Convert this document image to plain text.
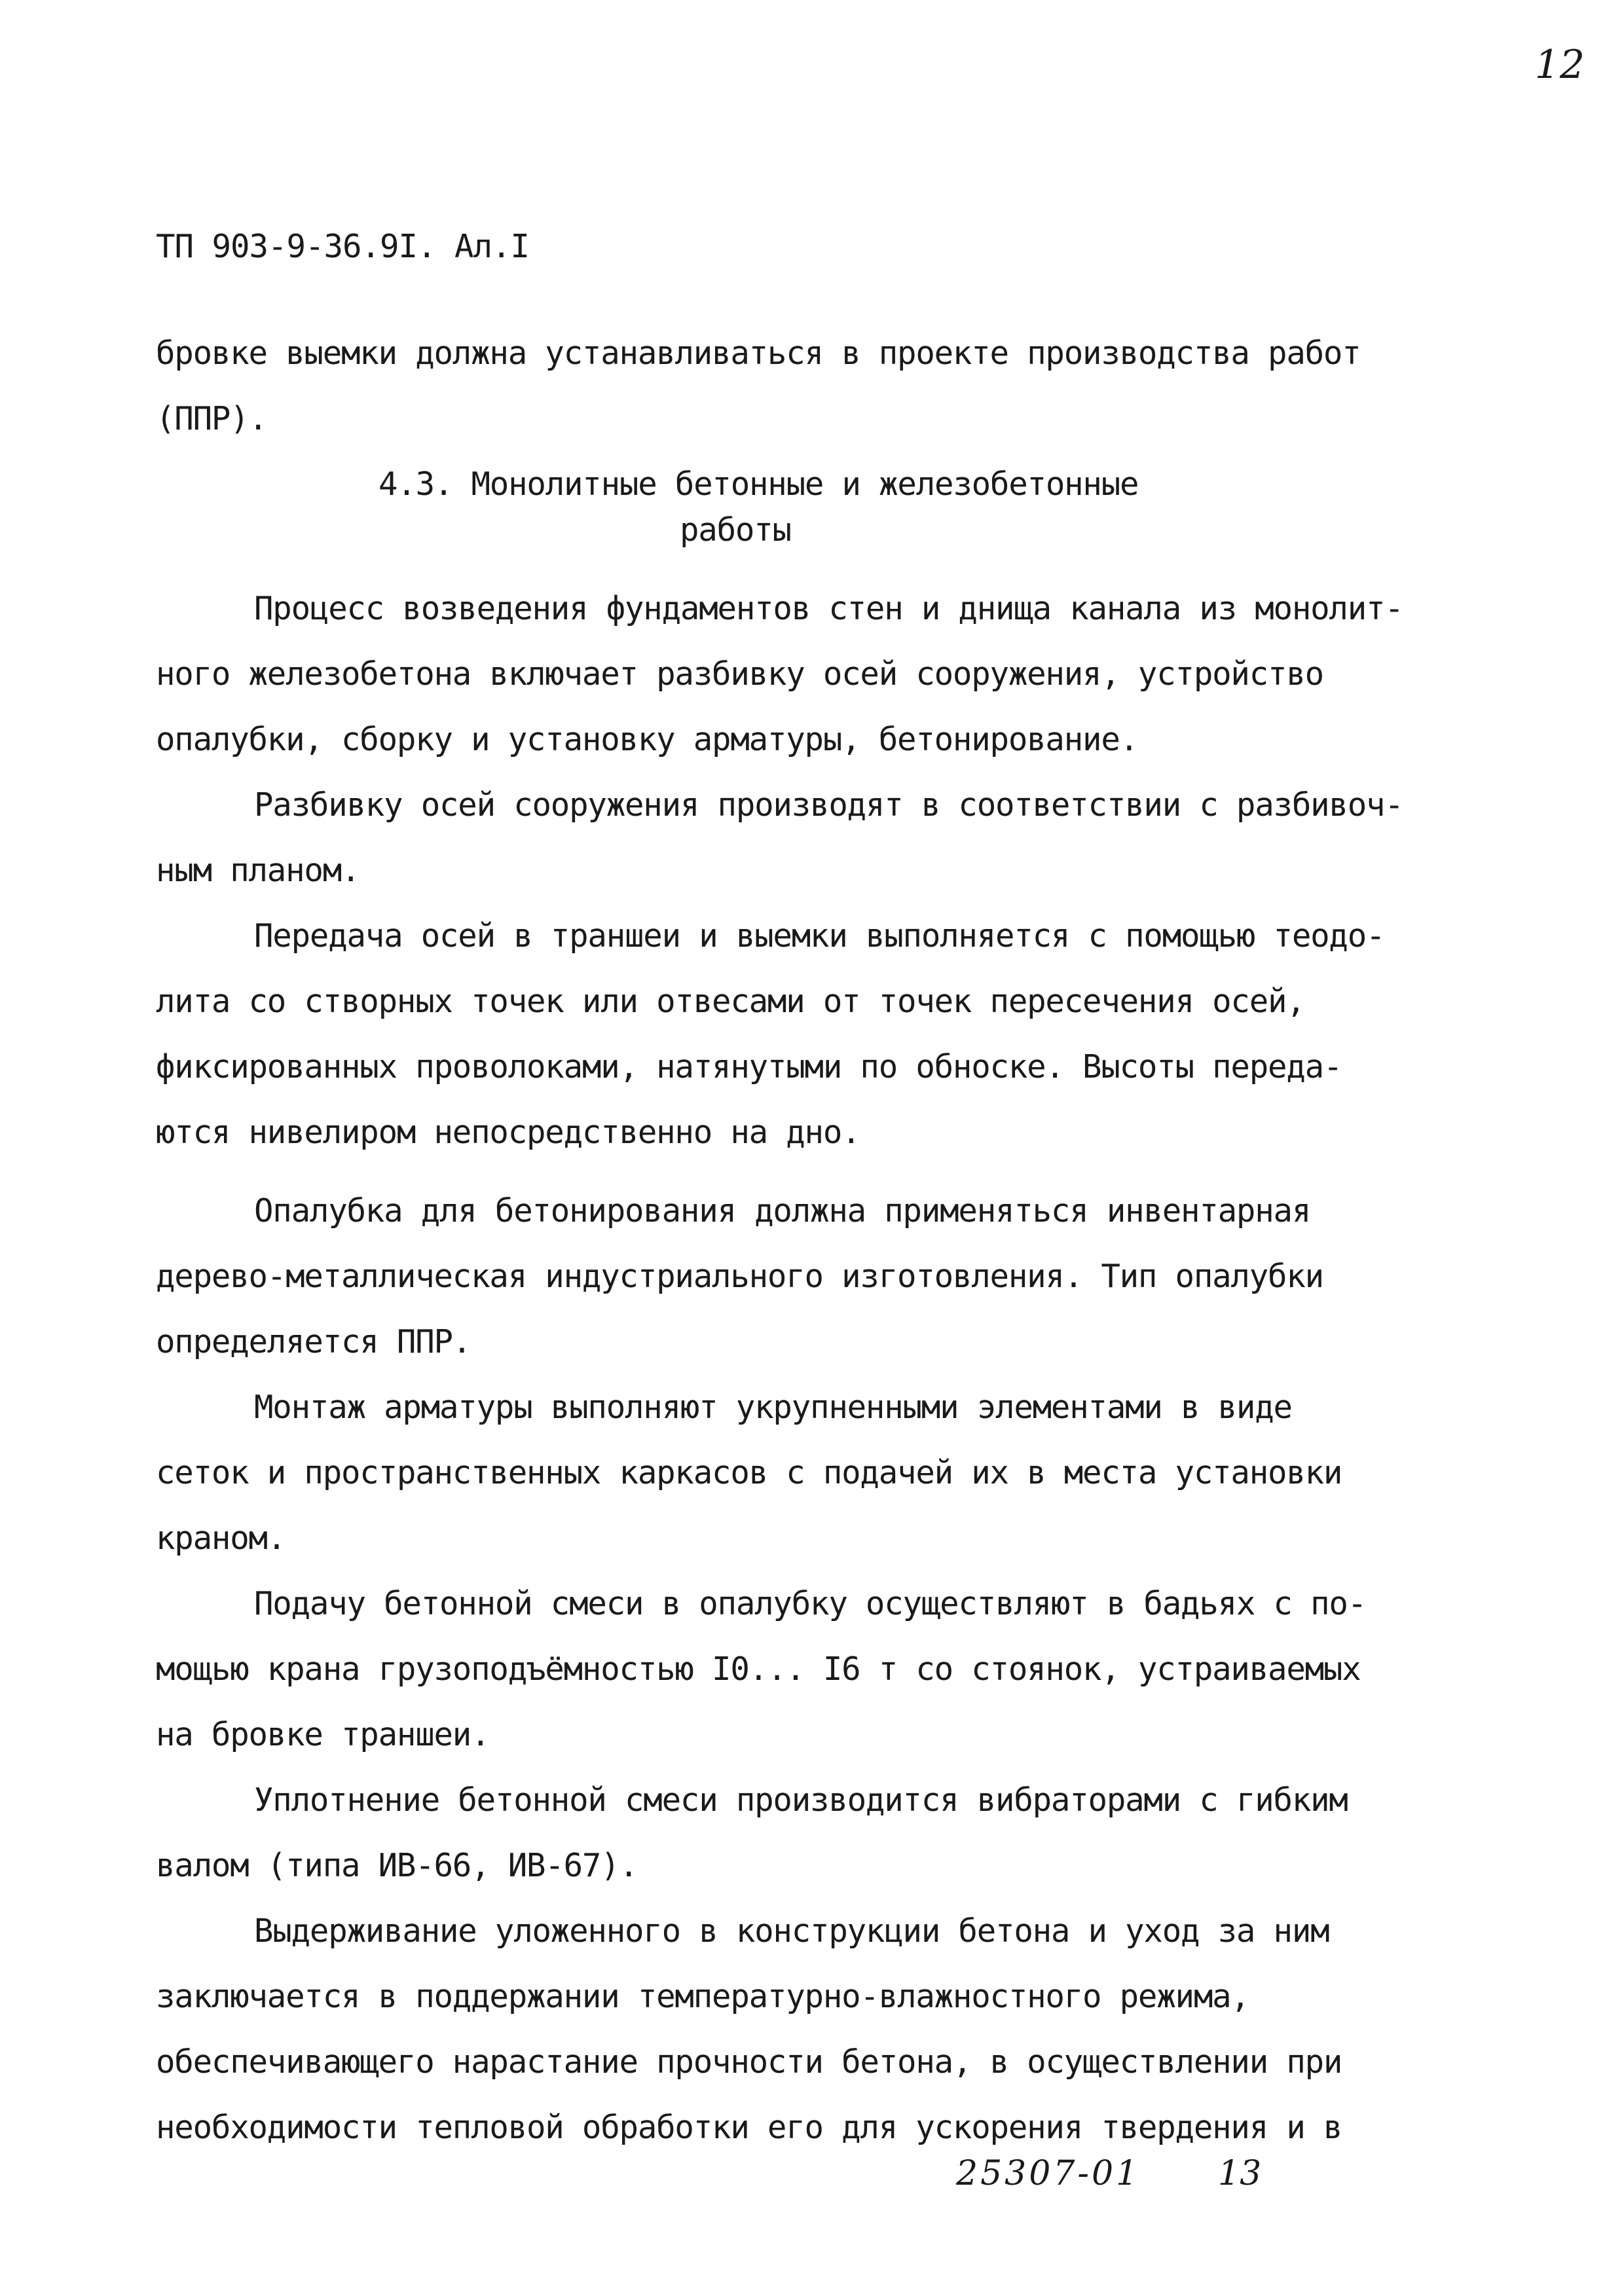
12
ТП 903-9-36.9I. Ал.I
бровке выемки должна устанавливаться в проекте производства работ
(ППР).
4.3. Монолитные бетонные и железобетонные
работы
Процесс возведения фундаментов стен и днища канала из монолит-
ного железобетона включает разбивку осей сооружения, устройство
опалубки, сборку и установку арматуры, бетонирование.
Разбивку осей сооружения производят в соответствии с разбивоч-
ным планом.
Передача осей в траншеи и выемки выполняется с помощью теодо-
лита со створных точек или отвесами от точек пересечения осей,
фиксированных проволоками, натянутыми по обноске. Высоты переда-
ются нивелиром непосредственно на дно.
Опалубка для бетонирования должна применяться инвентарная
дерево-металлическая индустриального изготовления. Тип опалубки
определяется ППР.
Монтаж арматуры выполняют укрупненными элементами в виде
сеток и пространственных каркасов с подачей их в места установки
краном.
Подачу бетонной смеси в опалубку осуществляют в бадьях с по-
мощью крана грузоподъёмностью I0... I6 т со стоянок, устраиваемых
на бровке траншеи.
Уплотнение бетонной смеси производится вибраторами с гибким
валом (типа ИВ-66, ИВ-67).
Выдерживание уложенного в конструкции бетона и уход за ним
заключается в поддержании температурно-влажностного режима,
обеспечивающего нарастание прочности бетона, в осуществлении при
необходимости тепловой обработки его для ускорения твердения и в
25307-01 13
